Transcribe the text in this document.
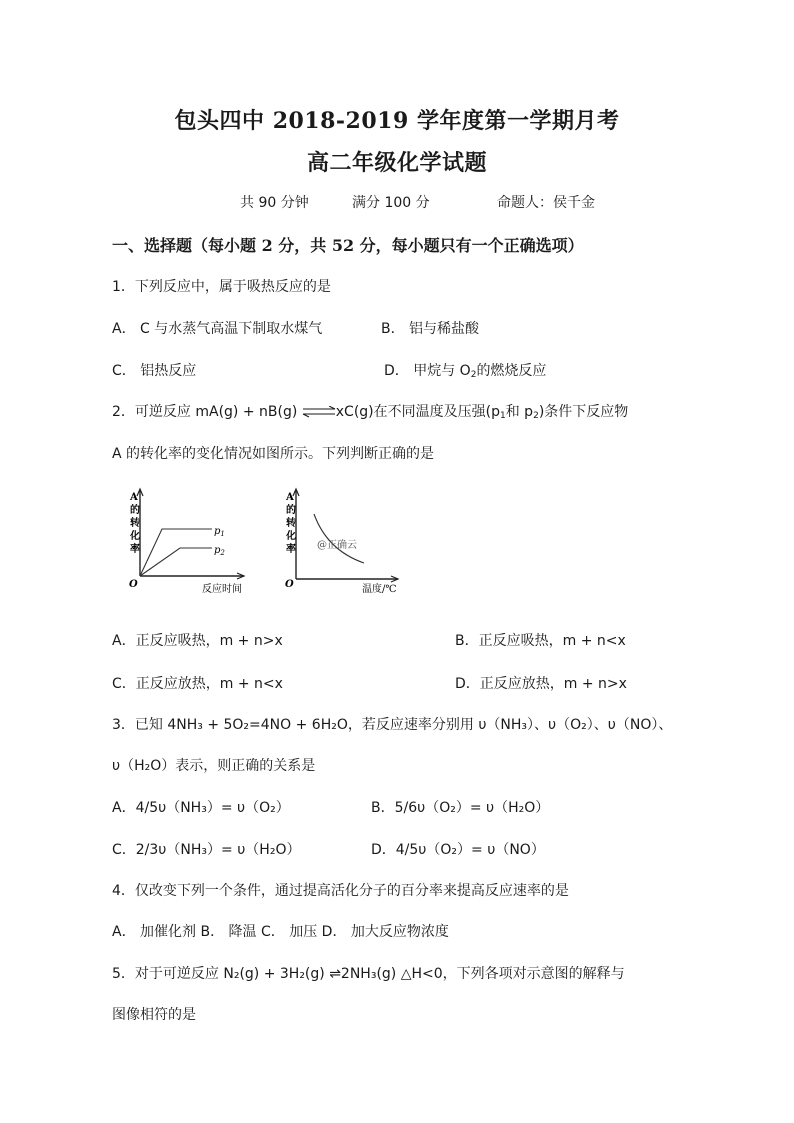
包头四中 2018-2019 学年度第一学期月考
高二年级化学试题
共 90 分钟	满分 100 分	命题人：侯千金
一、选择题（每小题 2 分，共 52 分，每小题只有一个正确选项）
1．下列反应中，属于吸热反应的是
A． C 与水蒸气高温下制取水煤气	B． 铝与稀盐酸
C． 铝热反应	D． 甲烷与 $O_2$的燃烧反应
2．可逆反应 mA(g) + nB(g) ⇌xC(g)在不同温度及压强($p_1$和 $p_2$)条件下反应物
A 的转化率的变化情况如图所示。下列判断正确的是
A
的
转
化
率
$p_1$
$p_2$
O	反应时间
A
的
转
化
率 @正确云
O	温度/℃
A．正反应吸热，m + n>x	B．正反应吸热，m + n<x
C．正反应放热，m + n<x	D．正反应放热，m + n>x
3．已知 4NH₃ + 5O₂=4NO + 6H₂O，若反应速率分别用 υ（NH₃）、υ（O₂）、υ（NO）、
υ（H₂O）表示，则正确的关系是
A．4/5υ（NH₃）= υ（O₂）	B．5/6υ（O₂）= υ（H₂O）
C．2/3υ（NH₃）= υ（H₂O）	D．4/5υ（O₂）= υ（NO）
4．仅改变下列一个条件，通过提高活化分子的百分率来提高反应速率的是
A． 加催化剂 B． 降温 C． 加压 D． 加大反应物浓度
5．对于可逆反应 N₂(g) + 3H₂(g) ⇌2NH₃(g) △H<0，下列各项对示意图的解释与
图像相符的是
